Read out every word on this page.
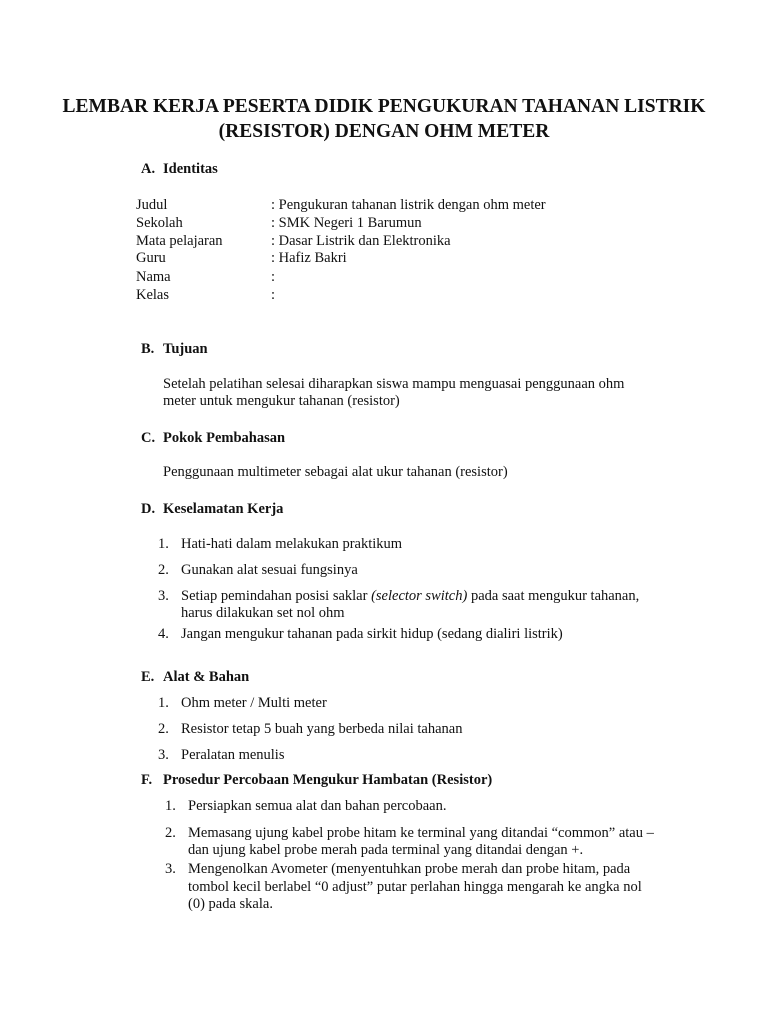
LEMBAR KERJA PESERTA DIDIK PENGUKURAN TAHANAN LISTRIK (RESISTOR) DENGAN OHM METER
A. Identitas
Judul	: Pengukuran tahanan listrik dengan ohm meter
Sekolah	: SMK Negeri 1 Barumun
Mata pelajaran	: Dasar Listrik dan Elektronika
Guru	: Hafiz Bakri
Nama	:
Kelas	:
B. Tujuan
Setelah pelatihan selesai diharapkan siswa mampu menguasai penggunaan ohm
meter untuk mengukur tahanan (resistor)
C. Pokok Pembahasan
Penggunaan multimeter sebagai alat ukur tahanan (resistor)
D. Keselamatan Kerja
1. Hati-hati dalam melakukan praktikum
2. Gunakan alat sesuai fungsinya
3. Setiap pemindahan posisi saklar (selector switch) pada saat mengukur tahanan,
harus dilakukan set nol ohm
4. Jangan mengukur tahanan pada sirkit hidup (sedang dialiri listrik)
E. Alat & Bahan
1. Ohm meter / Multi meter
2. Resistor tetap 5 buah yang berbeda nilai tahanan
3. Peralatan menulis
F. Prosedur Percobaan Mengukur Hambatan (Resistor)
1. Persiapkan semua alat dan bahan percobaan.
2. Memasang ujung kabel probe hitam ke terminal yang ditandai “common” atau –
dan ujung kabel probe merah pada terminal yang ditandai dengan +.
3. Mengenolkan Avometer (menyentuhkan probe merah dan probe hitam, pada
tombol kecil berlabel “0 adjust” putar perlahan hingga mengarah ke angka nol
(0) pada skala.
